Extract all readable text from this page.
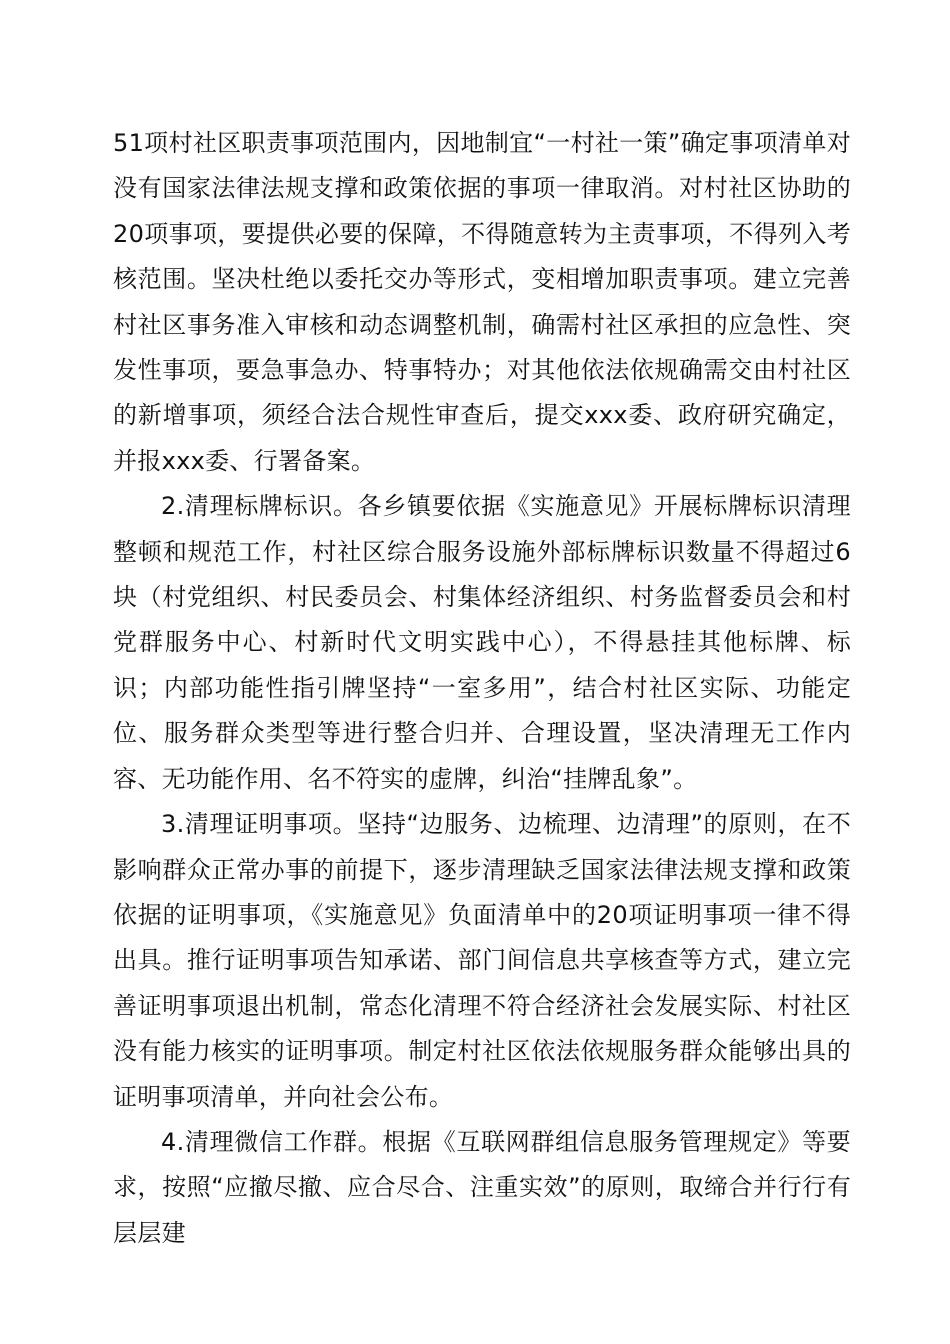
51项村社区职责事项范围内，因地制宜“一村社一策”确定事项清单对没有国家法律法规支撑和政策依据的事项一律取消。对村社区协助的20项事项，要提供必要的保障，不得随意转为主责事项，不得列入考核范围。坚决杜绝以委托交办等形式，变相增加职责事项。建立完善村社区事务准入审核和动态调整机制，确需村社区承担的应急性、突发性事项，要急事急办、特事特办；对其他依法依规确需交由村社区的新增事项，须经合法合规性审查后，提交xxx委、政府研究确定，并报xxx委、行署备案。

2.清理标牌标识。各乡镇要依据《实施意见》开展标牌标识清理整顿和规范工作，村社区综合服务设施外部标牌标识数量不得超过6块（村党组织、村民委员会、村集体经济组织、村务监督委员会和村党群服务中心、村新时代文明实践中心），不得悬挂其他标牌、标识；内部功能性指引牌坚持“一室多用”，结合村社区实际、功能定位、服务群众类型等进行整合归并、合理设置，坚决清理无工作内容、无功能作用、名不符实的虚牌，纠治“挂牌乱象”。

3.清理证明事项。坚持“边服务、边梳理、边清理”的原则，在不影响群众正常办事的前提下，逐步清理缺乏国家法律法规支撑和政策依据的证明事项，《实施意见》负面清单中的20项证明事项一律不得出具。推行证明事项告知承诺、部门间信息共享核查等方式，建立完善证明事项退出机制，常态化清理不符合经济社会发展实际、村社区没有能力核实的证明事项。制定村社区依法依规服务群众能够出具的证明事项清单，并向社会公布。

4.清理微信工作群。根据《互联网群组信息服务管理规定》等要求，按照“应撤尽撤、应合尽合、注重实效”的原则，取缔合并行行有层层建
